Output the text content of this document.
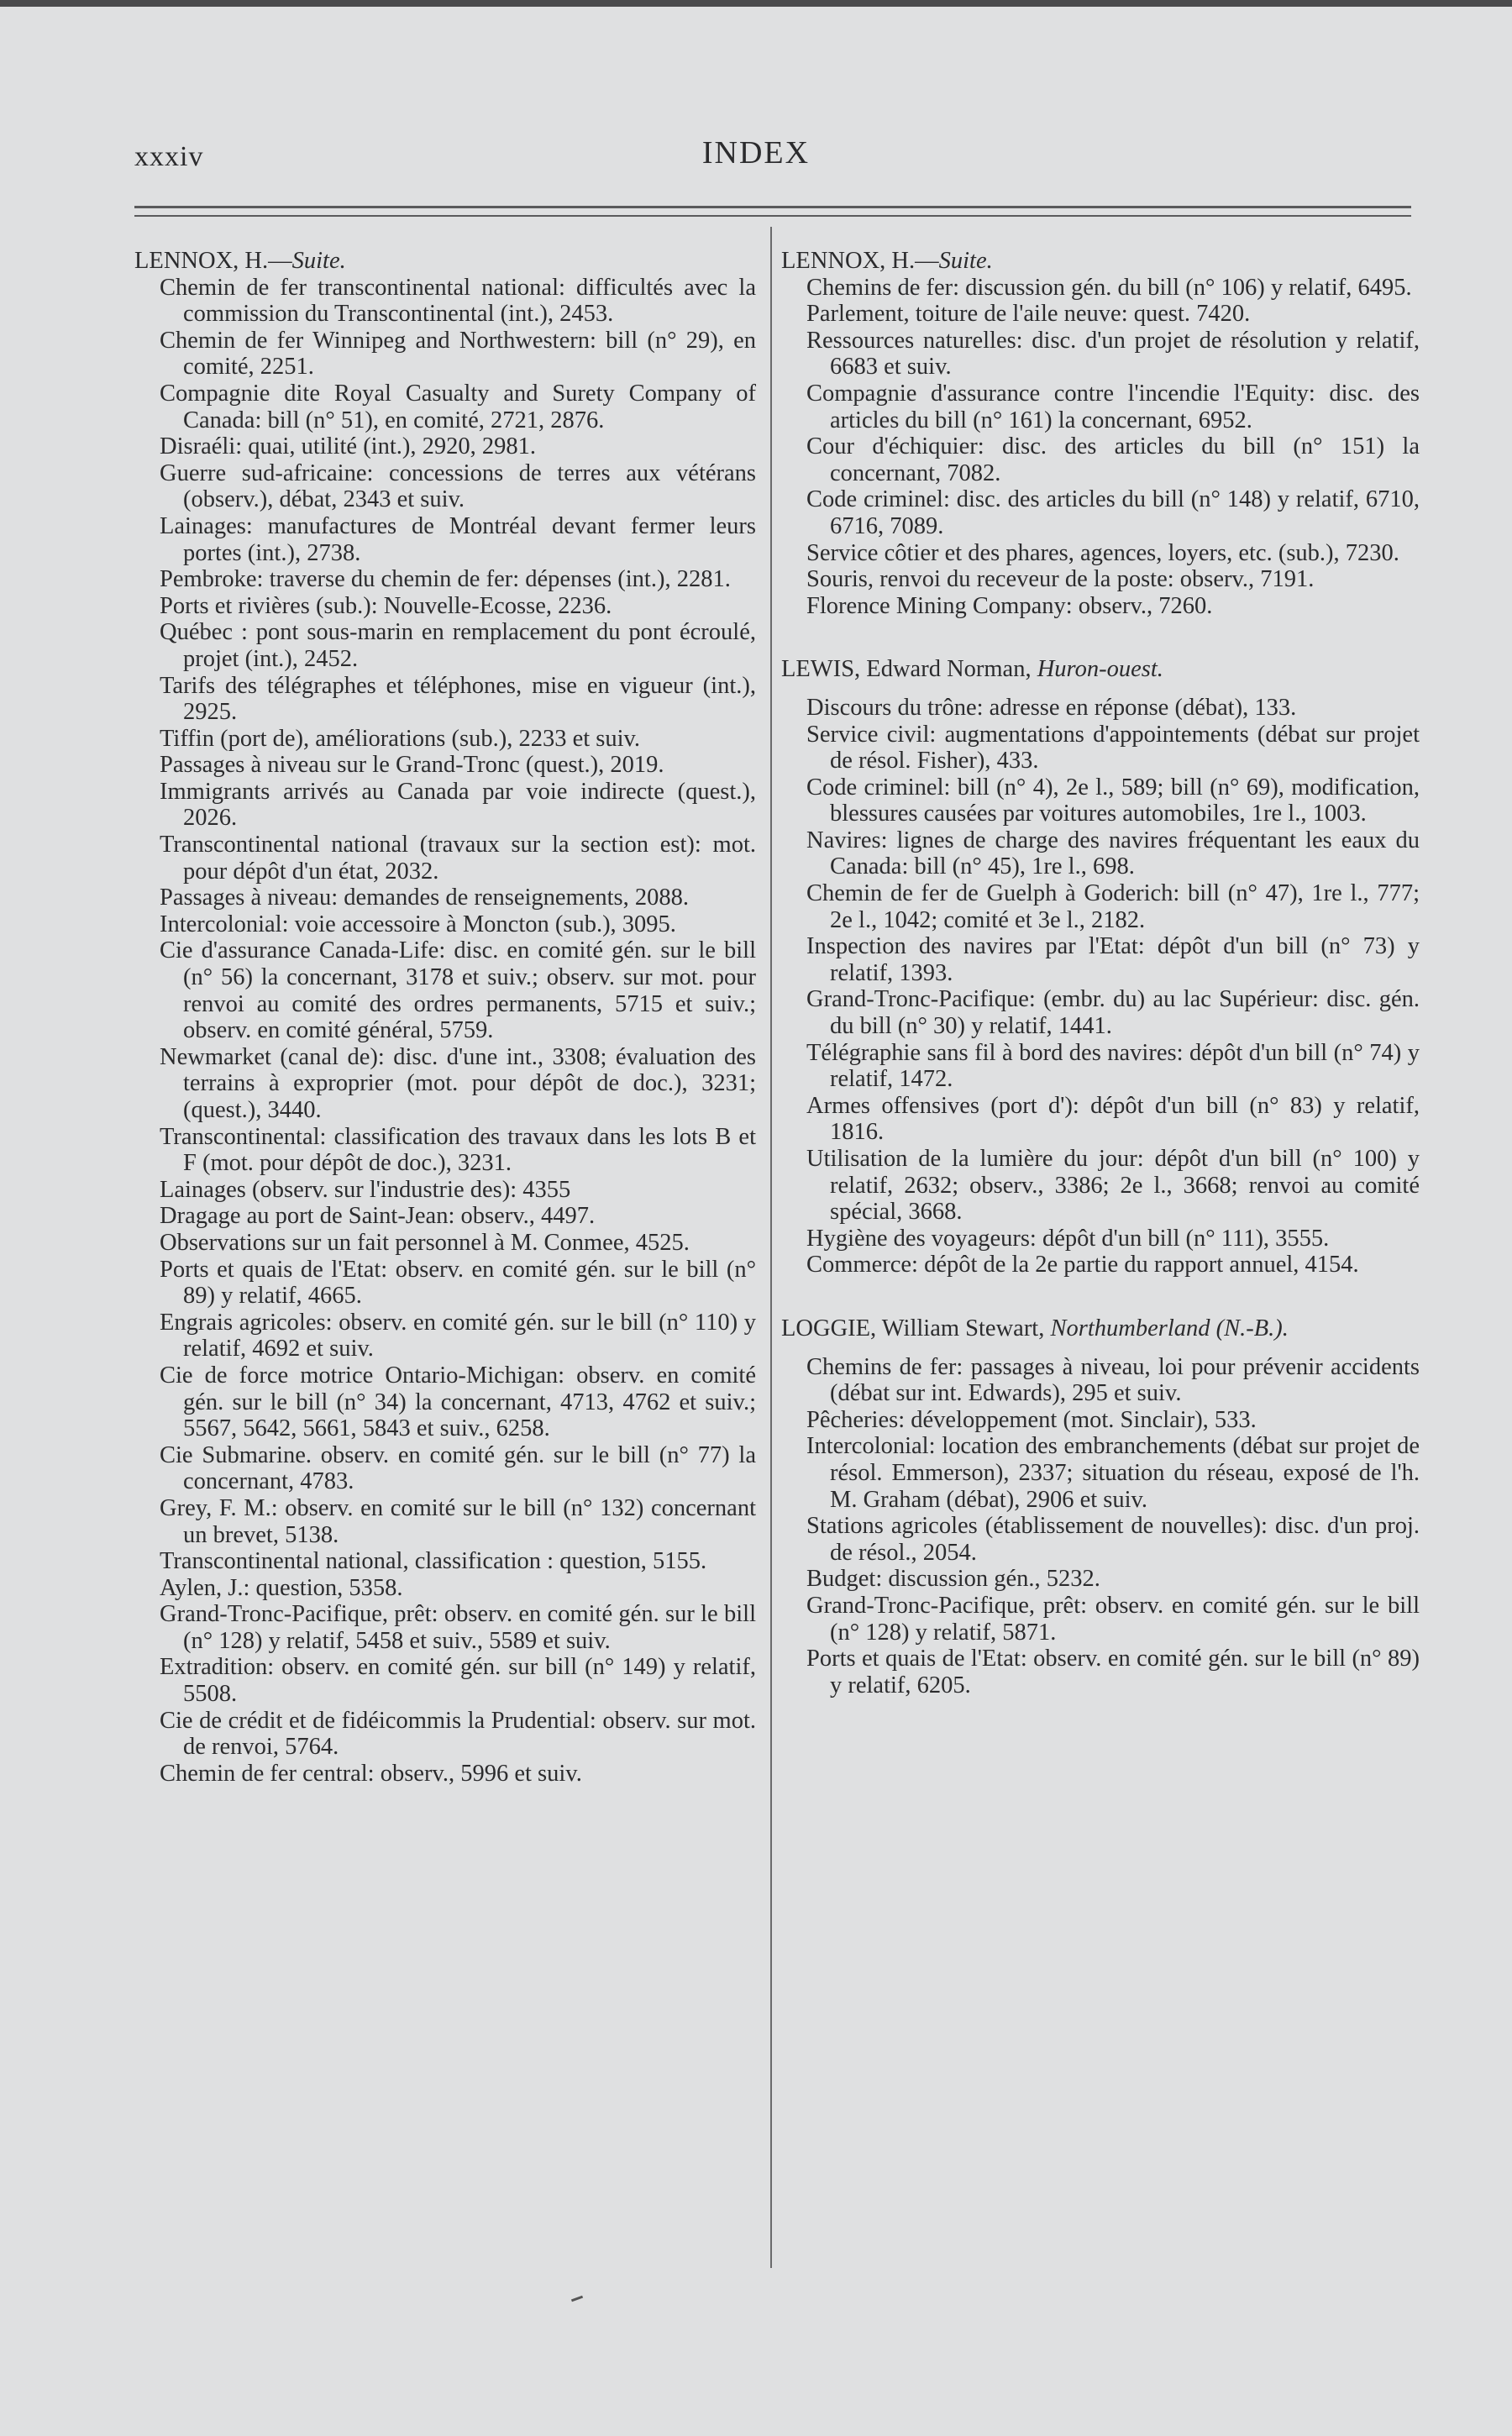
INDEX
xxxiv

LENNOX, H.—Suite.

Chemin de fer transcontinental national: difficultés avec la commission du Transcontinental (int.), 2453.

Chemin de fer Winnipeg and Northwestern: bill (n° 29), en comité, 2251.

Compagnie dite Royal Casualty and Surety Company of Canada: bill (n° 51), en comité, 2721, 2876.

Disraéli: quai, utilité (int.), 2920, 2981.

Guerre sud-africaine: concessions de terres aux vétérans (observ.), débat, 2343 et suiv.

Lainages: manufactures de Montréal devant fermer leurs portes (int.), 2738.

Pembroke: traverse du chemin de fer: dépenses (int.), 2281.

Ports et rivières (sub.): Nouvelle-Ecosse, 2236.

Québec : pont sous-marin en remplacement du pont écroulé, projet (int.), 2452.

Tarifs des télégraphes et téléphones, mise en vigueur (int.), 2925.

Tiffin (port de), améliorations (sub.), 2233 et suiv.

Passages à niveau sur le Grand-Tronc (quest.), 2019.

Immigrants arrivés au Canada par voie indirecte (quest.), 2026.

Transcontinental national (travaux sur la section est): mot. pour dépôt d'un état, 2032.

Passages à niveau: demandes de renseignements, 2088.

Intercolonial: voie accessoire à Moncton (sub.), 3095.

Cie d'assurance Canada-Life: disc. en comité gén. sur le bill (n° 56) la concernant, 3178 et suiv.; observ. sur mot. pour renvoi au comité des ordres permanents, 5715 et suiv.; observ. en comité général, 5759.

Newmarket (canal de): disc. d'une int., 3308; évaluation des terrains à exproprier (mot. pour dépôt de doc.), 3231; (quest.), 3440.

Transcontinental: classification des travaux dans les lots B et F (mot. pour dépôt de doc.), 3231.

Lainages (observ. sur l'industrie des): 4355

Dragage au port de Saint-Jean: observ., 4497.

Observations sur un fait personnel à M. Conmee, 4525.

Ports et quais de l'Etat: observ. en comité gén. sur le bill (n° 89) y relatif, 4665.

Engrais agricoles: observ. en comité gén. sur le bill (n° 110) y relatif, 4692 et suiv.

Cie de force motrice Ontario-Michigan: observ. en comité gén. sur le bill (n° 34) la concernant, 4713, 4762 et suiv.; 5567, 5642, 5661, 5843 et suiv., 6258.

Cie Submarine. observ. en comité gén. sur le bill (n° 77) la concernant, 4783.

Grey, F. M.: observ. en comité sur le bill (n° 132) concernant un brevet, 5138.

Transcontinental national, classification : question, 5155.

Aylen, J.: question, 5358.

Grand-Tronc-Pacifique, prêt: observ. en comité gén. sur le bill (n° 128) y relatif, 5458 et suiv., 5589 et suiv.

Extradition: observ. en comité gén. sur bill (n° 149) y relatif, 5508.

Cie de crédit et de fidéicommis la Prudential: observ. sur mot. de renvoi, 5764.

Chemin de fer central: observ., 5996 et suiv.

LENNOX, H.—Suite.

Chemins de fer: discussion gén. du bill (n° 106) y relatif, 6495.

Parlement, toiture de l'aile neuve: quest. 7420.

Ressources naturelles: disc. d'un projet de résolution y relatif, 6683 et suiv.

Compagnie d'assurance contre l'incendie l'Equity: disc. des articles du bill (n° 161) la concernant, 6952.

Cour d'échiquier: disc. des articles du bill (n° 151) la concernant, 7082.

Code criminel: disc. des articles du bill (n° 148) y relatif, 6710, 6716, 7089.

Service côtier et des phares, agences, loyers, etc. (sub.), 7230.

Souris, renvoi du receveur de la poste: observ., 7191.

Florence Mining Company: observ., 7260.

LEWIS, Edward Norman, Huron-ouest.

Discours du trône: adresse en réponse (débat), 133.

Service civil: augmentations d'appointements (débat sur projet de résol. Fisher), 433.

Code criminel: bill (n° 4), 2e l., 589; bill (n° 69), modification, blessures causées par voitures automobiles, 1re l., 1003.

Navires: lignes de charge des navires fréquentant les eaux du Canada: bill (n° 45), 1re l., 698.

Chemin de fer de Guelph à Goderich: bill (n° 47), 1re l., 777; 2e l., 1042; comité et 3e l., 2182.

Inspection des navires par l'Etat: dépôt d'un bill (n° 73) y relatif, 1393.

Grand-Tronc-Pacifique: (embr. du) au lac Supérieur: disc. gén. du bill (n° 30) y relatif, 1441.

Télégraphie sans fil à bord des navires: dépôt d'un bill (n° 74) y relatif, 1472.

Armes offensives (port d'): dépôt d'un bill (n° 83) y relatif, 1816.

Utilisation de la lumière du jour: dépôt d'un bill (n° 100) y relatif, 2632; observ., 3386; 2e l., 3668; renvoi au comité spécial, 3668.

Hygiène des voyageurs: dépôt d'un bill (n° 111), 3555.

Commerce: dépôt de la 2e partie du rapport annuel, 4154.

LOGGIE, William Stewart, Northumberland (N.-B.).

Chemins de fer: passages à niveau, loi pour prévenir accidents (débat sur int. Edwards), 295 et suiv.

Pêcheries: développement (mot. Sinclair), 533.

Intercolonial: location des embranchements (débat sur projet de résol. Emmerson), 2337; situation du réseau, exposé de l'h. M. Graham (débat), 2906 et suiv.

Stations agricoles (établissement de nouvelles): disc. d'un proj. de résol., 2054.

Budget: discussion gén., 5232.

Grand-Tronc-Pacifique, prêt: observ. en comité gén. sur le bill (n° 128) y relatif, 5871.

Ports et quais de l'Etat: observ. en comité gén. sur le bill (n° 89) y relatif, 6205.
